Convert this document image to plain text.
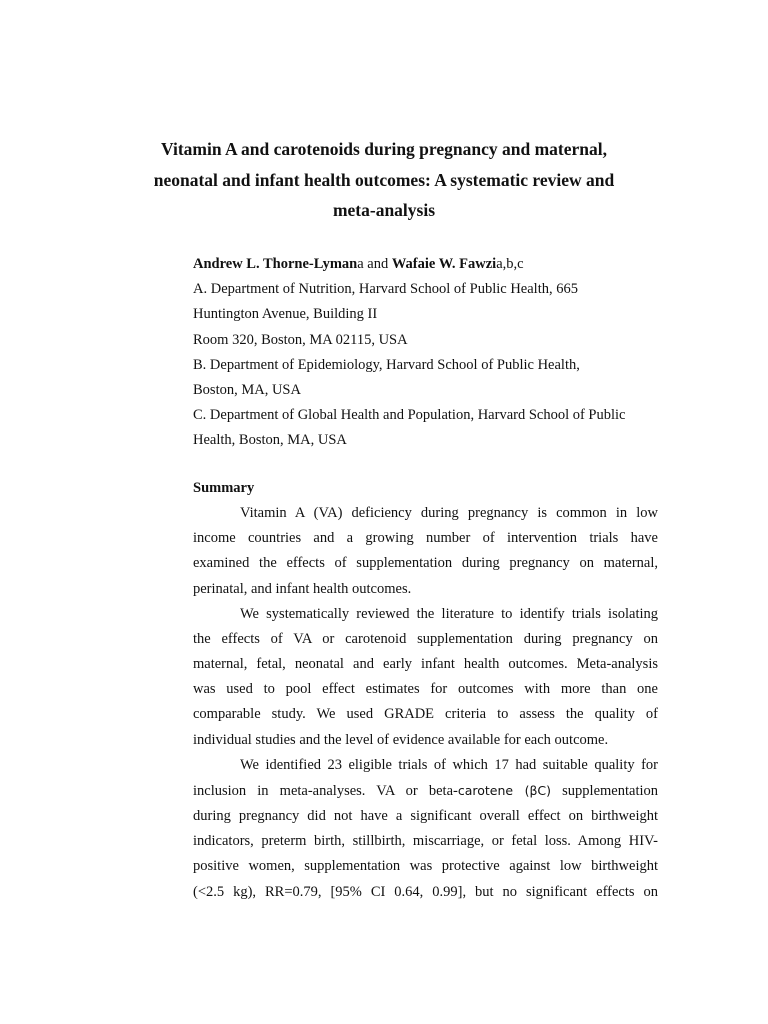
Vitamin A and carotenoids during pregnancy and maternal,
neonatal and infant health outcomes: A systematic review and
meta-analysis
Andrew L. Thorne-Lymana and Wafaie W. Fawzia,b,c
A. Department of Nutrition, Harvard School of Public Health, 665
Huntington Avenue, Building II
Room 320, Boston, MA 02115, USA
B. Department of Epidemiology, Harvard School of Public Health,
Boston, MA, USA
C. Department of Global Health and Population, Harvard School of Public
Health, Boston, MA, USA
Summary
Vitamin A (VA) deficiency during pregnancy is common in low
income countries and a growing number of intervention trials have
examined the effects of supplementation during pregnancy on maternal,
perinatal, and infant health outcomes.
We systematically reviewed the literature to identify trials isolating
the effects of VA or carotenoid supplementation during pregnancy on
maternal, fetal, neonatal and early infant health outcomes. Meta-analysis
was used to pool effect estimates for outcomes with more than one
comparable study. We used GRADE criteria to assess the quality of
individual studies and the level of evidence available for each outcome.
We identified 23 eligible trials of which 17 had suitable quality for
inclusion in meta-analyses. VA or beta-carotene (βC) supplementation
during pregnancy did not have a significant overall effect on birthweight
indicators, preterm birth, stillbirth, miscarriage, or fetal loss. Among HIV-
positive women, supplementation was protective against low birthweight
(<2.5 kg), RR=0.79, [95% CI 0.64, 0.99], but no significant effects on
